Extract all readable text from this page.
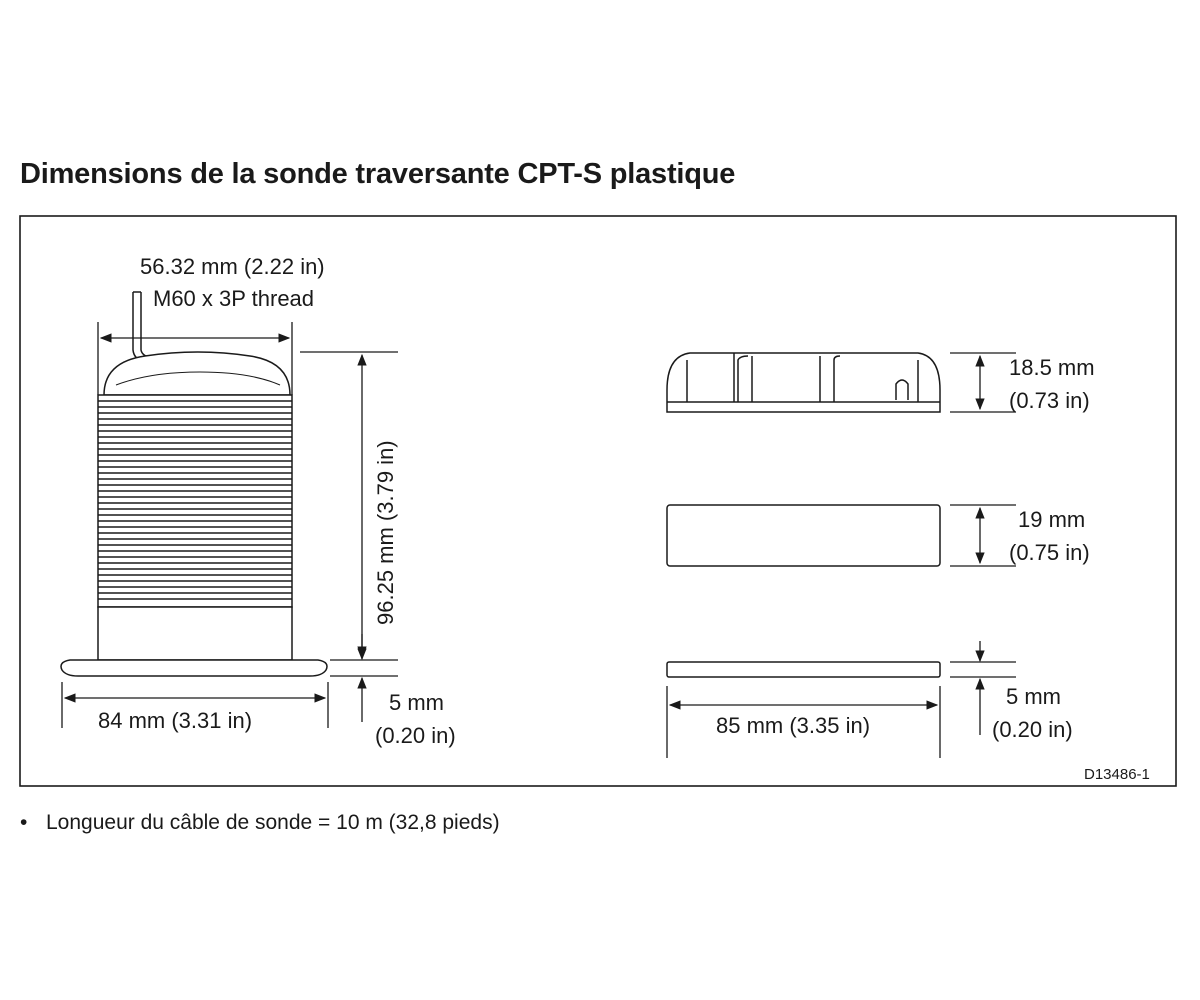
Dimensions de la sonde traversante CPT-S plastique
56.32 mm (2.22 in)
M60 x 3P thread
96.25 mm (3.79 in)
84 mm (3.31 in)
5 mm
(0.20 in)
18.5 mm
(0.73 in)
19 mm
(0.75 in)
5 mm
(0.20 in)
85 mm (3.35 in)
D13486-1
• Longueur du câble de sonde = 10 m (32,8 pieds)
